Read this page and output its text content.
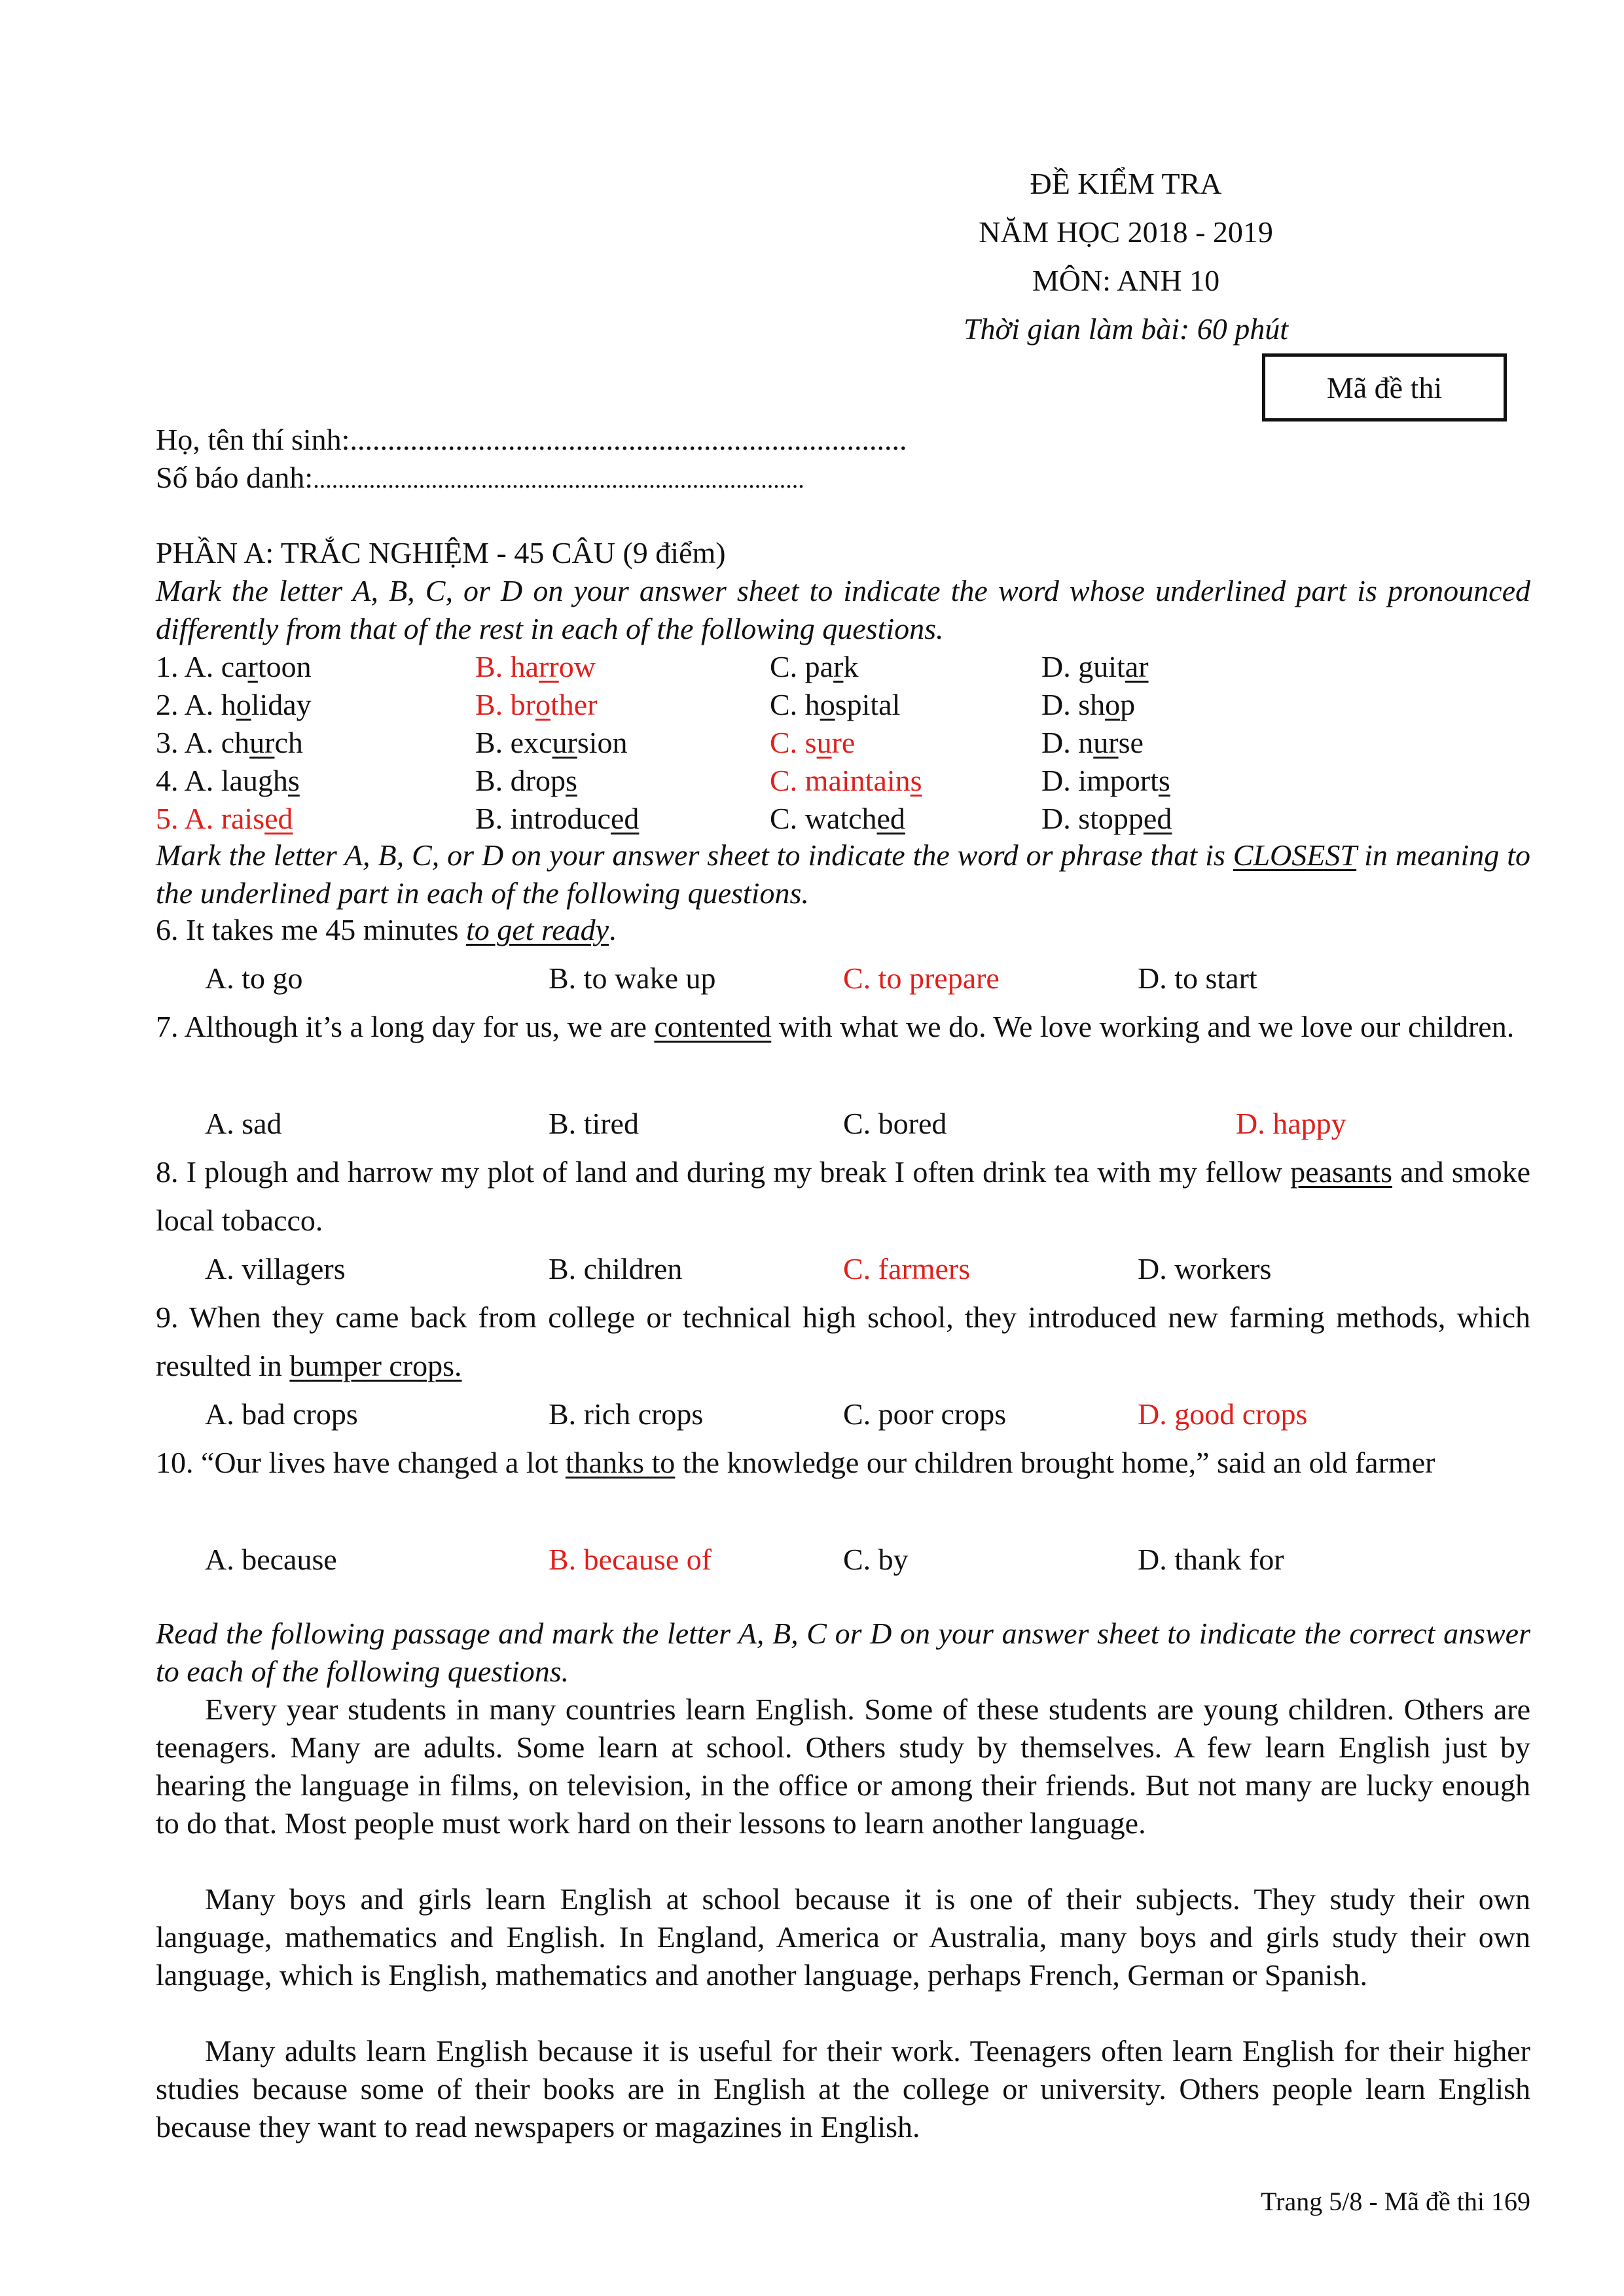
ĐỀ KIỂM TRA
NĂM HỌC 2018 - 2019
MÔN: ANH 10
Thời gian làm bài: 60 phút
Mã đề thi
Họ, tên thí sinh:..........................................................................
Số báo danh:...............................................................................
PHẦN A: TRẮC NGHIỆM - 45 CÂU (9 điểm)
Mark the letter A, B, C, or D on your answer sheet to indicate the word whose underlined part is pronounced differently from that of the rest in each of the following questions.
1. A. cartoon	B. harrow	C. park	D. guitar
2. A. holiday	B. brother	C. hospital	D. shop
3. A. church	B. excursion	C. sure	D. nurse
4. A. laughs	B. drops	C. maintains	D. imports
5. A. raised	B. introduced	C. watched	D. stopped
Mark the letter A, B, C, or D on your answer sheet to indicate the word or phrase that is CLOSEST in meaning to the underlined part in each of the following questions.
6. It takes me 45 minutes to get ready.
A. to go	B. to wake up	C. to prepare	D. to start
7. Although it’s a long day for us, we are contented with what we do. We love working and we love our children.
A. sad	B. tired	C. bored	D. happy
8. I plough and harrow my plot of land and during my break I often drink tea with my fellow peasants and smoke local tobacco.
A. villagers	B. children	C. farmers	D. workers
9. When they came back from college or technical high school, they introduced new farming methods, which resulted in bumper crops.
A. bad crops	B. rich crops	C. poor crops	D. good crops
10. “Our lives have changed a lot thanks to the knowledge our children brought home,” said an old farmer
A. because	B. because of	C. by	D. thank for
Read the following passage and mark the letter A, B, C or D on your answer sheet to indicate the correct answer to each of the following questions.
Every year students in many countries learn English. Some of these students are young children. Others are teenagers. Many are adults. Some learn at school. Others study by themselves. A few learn English just by hearing the language in films, on television, in the office or among their friends. But not many are lucky enough to do that. Most people must work hard on their lessons to learn another language.
Many boys and girls learn English at school because it is one of their subjects. They study their own language, mathematics and English. In England, America or Australia, many boys and girls study their own language, which is English, mathematics and another language, perhaps French, German or Spanish.
Many adults learn English because it is useful for their work. Teenagers often learn English for their higher studies because some of their books are in English at the college or university. Others people learn English because they want to read newspapers or magazines in English.
Trang 5/8 - Mã đề thi 169
